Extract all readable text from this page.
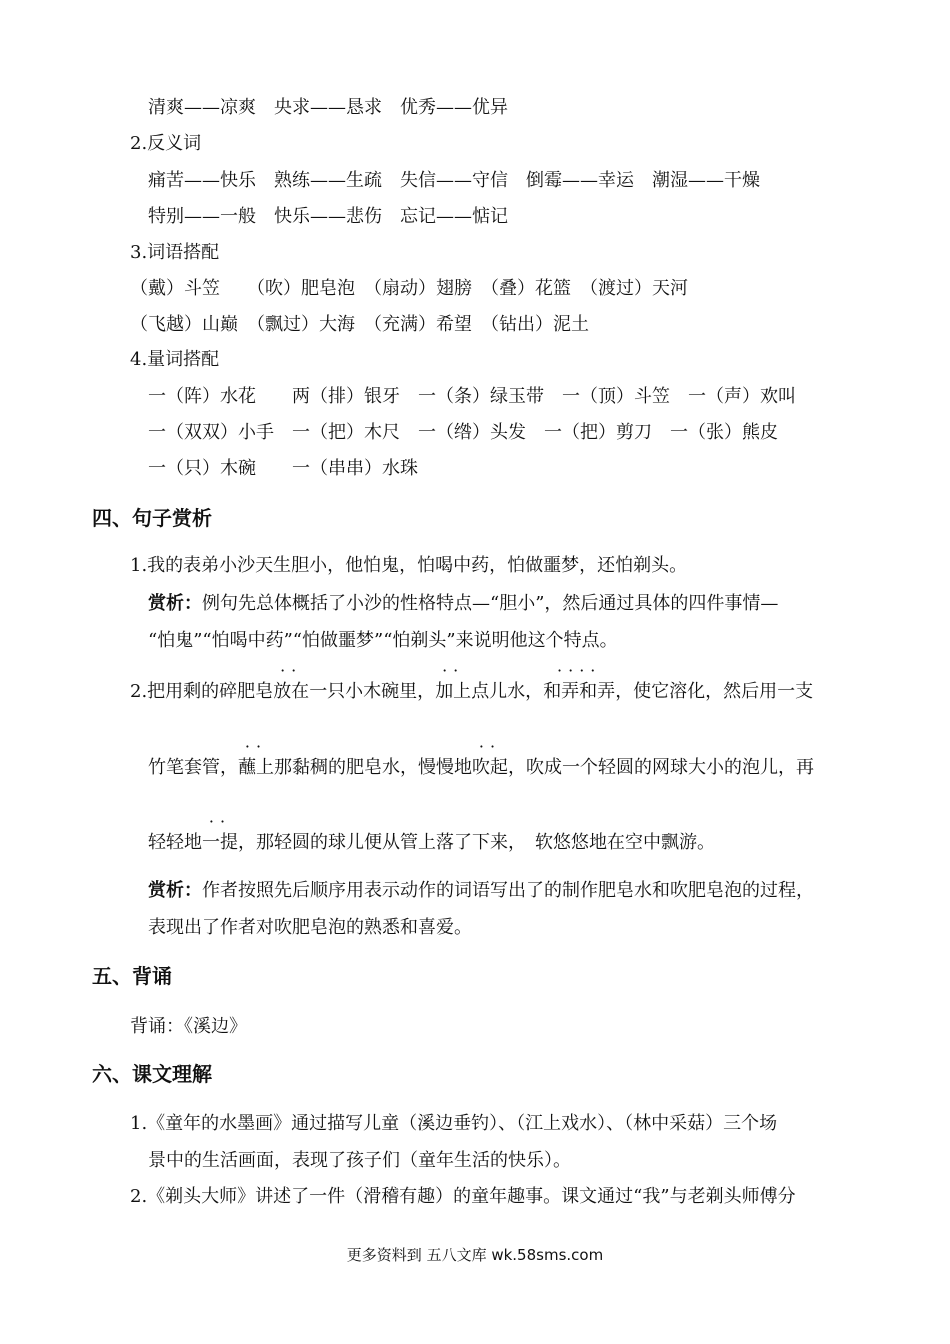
清爽——凉爽　央求——恳求　优秀——优异
2.反义词
痛苦——快乐　熟练——生疏　失信——守信　倒霉——幸运　潮湿——干燥
特别——一般　快乐——悲伤　忘记——惦记
3.词语搭配
（戴）斗笠　　（吹）肥皂泡　（扇动）翅膀　（叠）花篮　（渡过）天河
（飞越）山巅　（飘过）大海　（充满）希望　（钻出）泥土
4.量词搭配
一（阵）水花　　两（排）银牙　一（条）绿玉带　一（顶）斗笠　一（声）欢叫
一（双双）小手　一（把）木尺　一（绺）头发　一（把）剪刀　一（张）熊皮
一（只）木碗　　一（串串）水珠
四、句子赏析
1.我的表弟小沙天生胆小，他怕鬼，怕喝中药，怕做噩梦，还怕剃头。
赏析：例句先总体概括了小沙的性格特点—“胆小”，然后通过具体的四件事情—
“怕鬼”“怕喝中药”“怕做噩梦”“怕剃头”来说明他这个特点。
2.把用剩的碎肥皂
··
放在一只小木碗里，
··
加上点儿水，
····
和弄和弄，使它溶化，然后用一支
竹笔套管，
··
蘸上那黏稠的肥皂水，慢慢地
··
吹起，吹成一个轻圆的网球大小的泡儿，再
轻轻地
··
一提，那轻圆的球儿便从管上落了下来，　软悠悠地在空中飘游。
赏析：作者按照先后顺序用表示动作的词语写出了的制作肥皂水和吹肥皂泡的过程，
表现出了作者对吹肥皂泡的熟悉和喜爱。
五、背诵
背诵：《溪边》
六、课文理解
1.《童年的水墨画》通过描写儿童（溪边垂钓）、（江上戏水）、（林中采菇）三个场
景中的生活画面，表现了孩子们（童年生活的快乐）。
2.《剃头大师》讲述了一件（滑稽有趣）的童年趣事。课文通过“我”与老剃头师傅分
更多资料到 五八文库 wk.58sms.com
